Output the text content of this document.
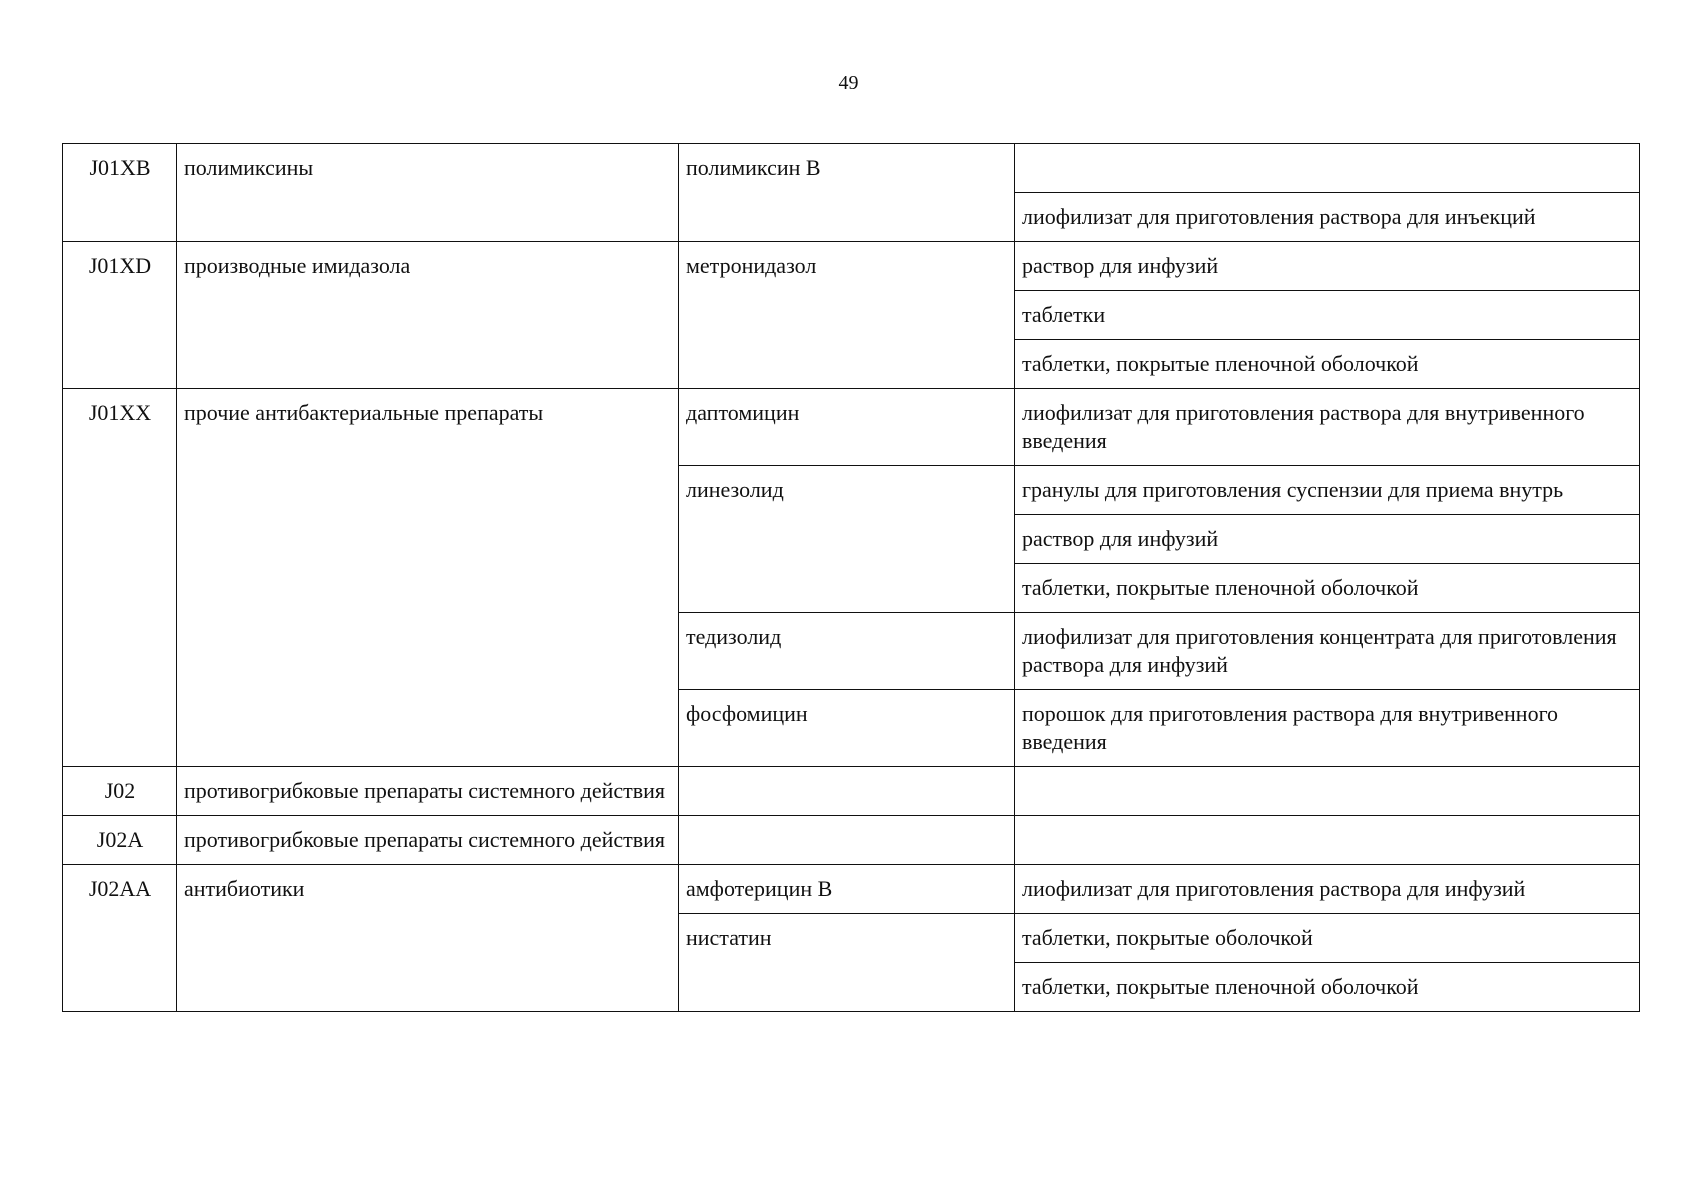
49
J01XB	полимиксины	полимиксин В	
			лиофилизат для приготовления раствора для инъекций
J01XD	производные имидазола	метронидазол	раствор для инфузий
			таблетки
			таблетки, покрытые пленочной оболочкой
J01XX	прочие антибактериальные препараты	даптомицин	лиофилизат для приготовления раствора для внутривенного введения
		линезолид	гранулы для приготовления суспензии для приема внутрь
			раствор для инфузий
			таблетки, покрытые пленочной оболочкой
		тедизолид	лиофилизат для приготовления концентрата для приготовления раствора для инфузий
		фосфомицин	порошок для приготовления раствора для внутривенного введения
J02	противогрибковые препараты системного действия		
J02A	противогрибковые препараты системного действия		
J02AA	антибиотики	амфотерицин В	лиофилизат для приготовления раствора для инфузий
		нистатин	таблетки, покрытые оболочкой
			таблетки, покрытые пленочной оболочкой
